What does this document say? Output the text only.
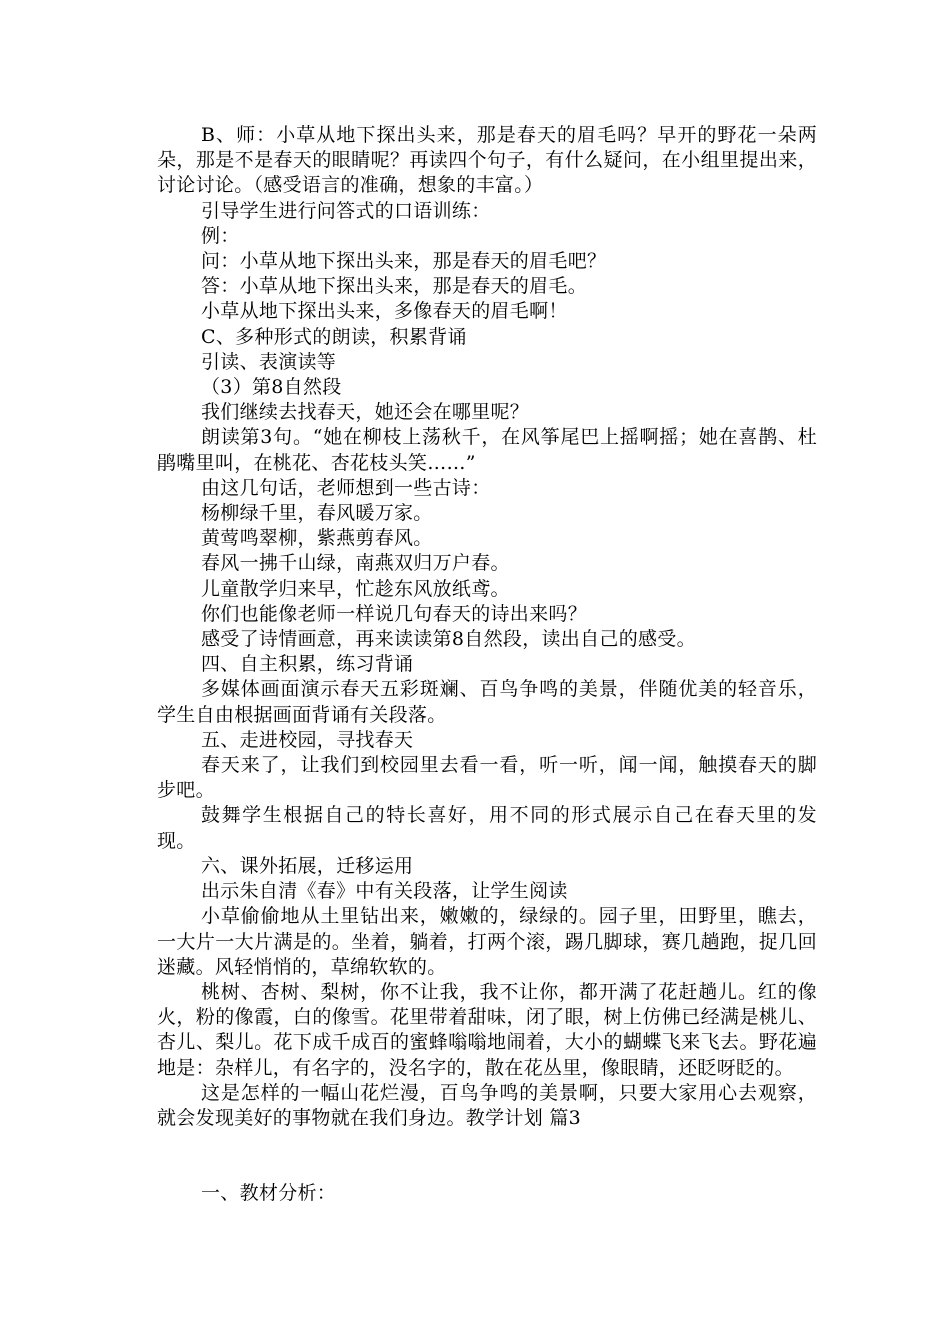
B、师：小草从地下探出头来，那是春天的眉毛吗？早开的野花一朵两朵，那是不是春天的眼睛呢？再读四个句子，有什么疑问，在小组里提出来，讨论讨论。（感受语言的准确，想象的丰富。）

引导学生进行问答式的口语训练：

例：

问：小草从地下探出头来，那是春天的眉毛吧？

答：小草从地下探出头来，那是春天的眉毛。

小草从地下探出头来，多像春天的眉毛啊！

C、多种形式的朗读，积累背诵

引读、表演读等

（3）第8自然段

我们继续去找春天，她还会在哪里呢？

朗读第3句。“她在柳枝上荡秋千，在风筝尾巴上摇啊摇；她在喜鹊、杜鹃嘴里叫，在桃花、杏花枝头笑……”

由这几句话，老师想到一些古诗：

杨柳绿千里，春风暖万家。

黄莺鸣翠柳，紫燕剪春风。

春风一拂千山绿，南燕双归万户春。

儿童散学归来早，忙趁东风放纸鸢。

你们也能像老师一样说几句春天的诗出来吗？

感受了诗情画意，再来读读第8自然段，读出自己的感受。

四、自主积累，练习背诵

多媒体画面演示春天五彩斑斓、百鸟争鸣的美景，伴随优美的轻音乐，学生自由根据画面背诵有关段落。

五、走进校园，寻找春天

春天来了，让我们到校园里去看一看，听一听，闻一闻，触摸春天的脚步吧。

鼓舞学生根据自己的特长喜好，用不同的形式展示自己在春天里的发现。

六、课外拓展，迁移运用

出示朱自清《春》中有关段落，让学生阅读

小草偷偷地从土里钻出来，嫩嫩的，绿绿的。园子里，田野里，瞧去，一大片一大片满是的。坐着，躺着，打两个滚，踢几脚球，赛几趟跑，捉几回迷藏。风轻悄悄的，草绵软软的。

桃树、杏树、梨树，你不让我，我不让你，都开满了花赶趟儿。红的像火，粉的像霞，白的像雪。花里带着甜味，闭了眼，树上仿佛已经满是桃儿、杏儿、梨儿。花下成千成百的蜜蜂嗡嗡地闹着，大小的蝴蝶飞来飞去。野花遍地是：杂样儿，有名字的，没名字的，散在花丛里，像眼睛，还眨呀眨的。

这是怎样的一幅山花烂漫，百鸟争鸣的美景啊，只要大家用心去观察，就会发现美好的事物就在我们身边。教学计划 篇3

一、教材分析：
